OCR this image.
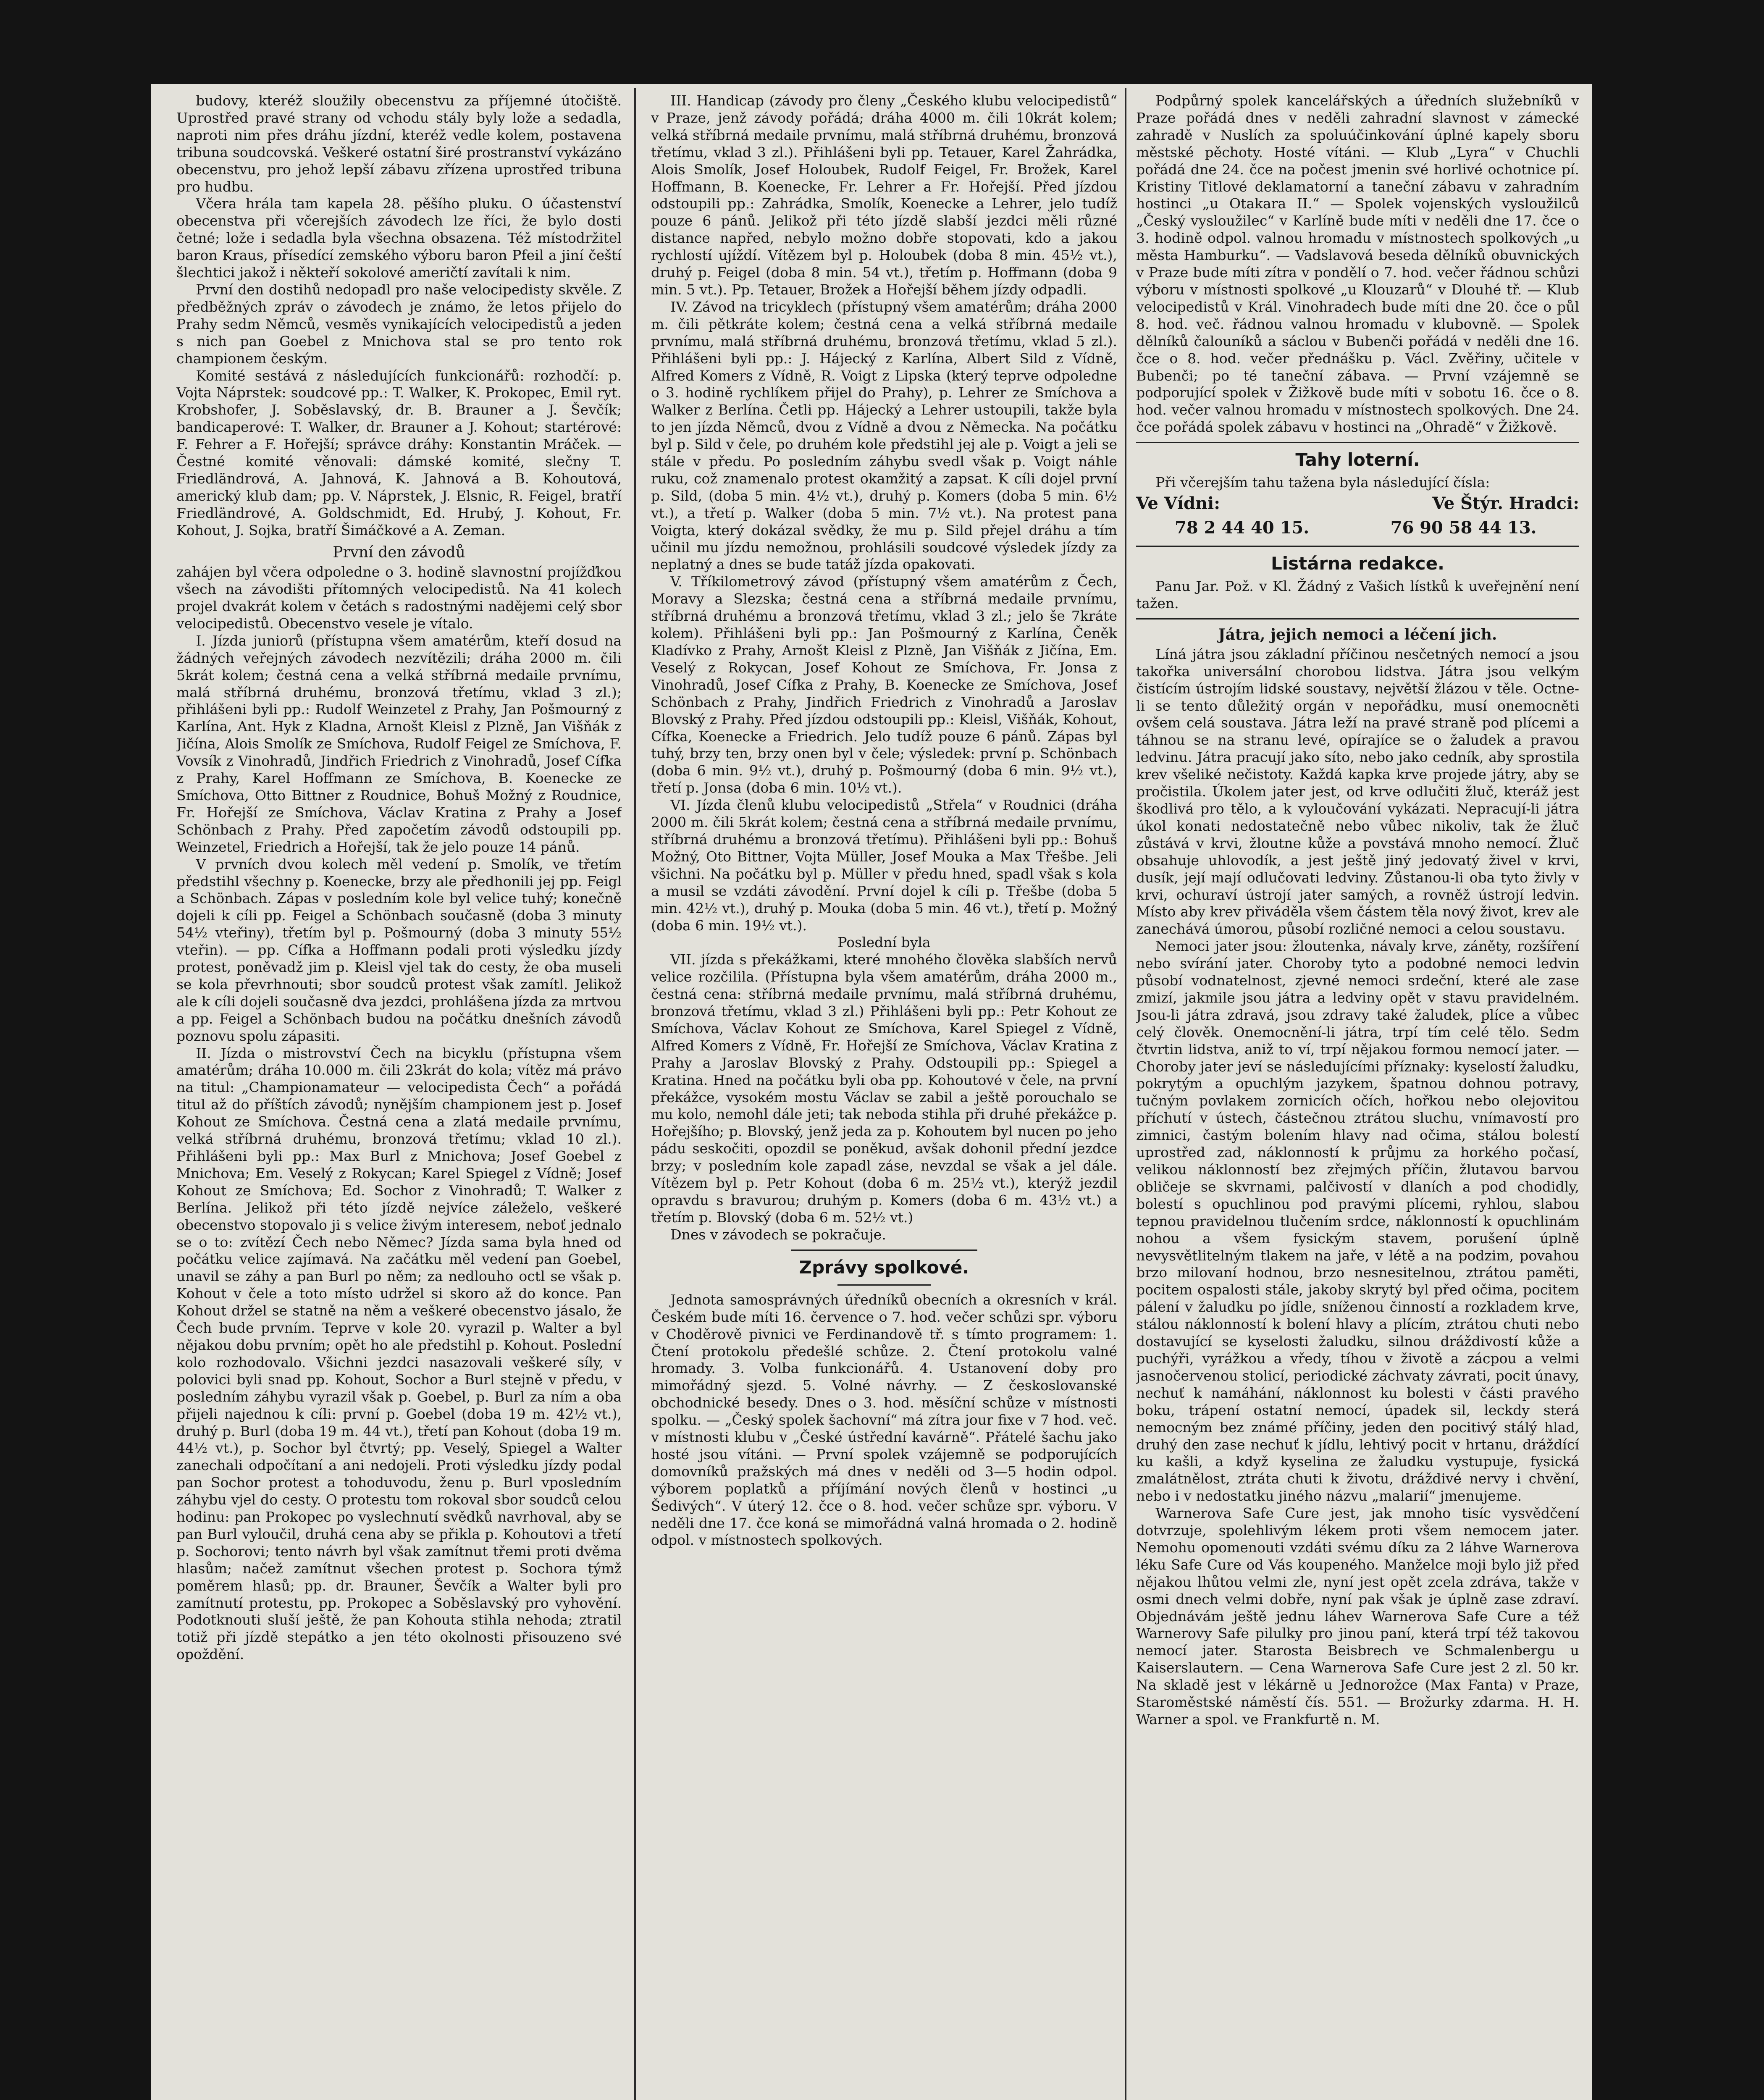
budovy, kteréž sloužily obecenstvu za příjemné útočiště. Uprostřed pravé strany od vchodu stály byly lože a sedadla, naproti nim přes dráhu jízdní, kteréž vedle kolem, postavena tribuna soudcovská. Veškeré ostatní širé prostranství vykázáno obecenstvu, pro jehož lepší zábavu zřízena uprostřed tribuna pro hudbu.

Včera hrála tam kapela 28. pěšího pluku. O účastenství obecenstva při včerejších závodech lze říci, že bylo dosti četné; lože i sedadla byla všechna obsazena. Též místodržitel baron Kraus, přísedící zemského výboru baron Pfeil a jiní čeští šlechtici jakož i někteří sokolové američtí zavítali k nim.

První den dostihů nedopadl pro naše velocipedisty skvěle. Z předběžných zpráv o závodech je známo, že letos přijelo do Prahy sedm Němců, vesměs vynikajících velocipedistů a jeden s nich pan Goebel z Mnichova stal se pro tento rok championem českým.

Komité sestává z následujících funkcionářů: rozhodčí: p. Vojta Náprstek: soudcové pp.: T. Walker, K. Prokopec, Emil ryt. Krobshofer, J. Soběslavský, dr. B. Brauner a J. Ševčík; bandicaperové: T. Walker, dr. Brauner a J. Kohout; startérové: F. Fehrer a F. Hořejší; správce dráhy: Konstantin Mráček. — Čestné komité věnovali: dámské komité, slečny T. Friedländrová, A. Jahnová, K. Jahnová a B. Kohoutová, americký klub dam; pp. V. Náprstek, J. Elsnic, R. Feigel, bratří Friedländrové, A. Goldschmidt, Ed. Hrubý, J. Kohout, Fr. Kohout, J. Sojka, bratří Šimáčkové a A. Zeman.

První den závodů

zahájen byl včera odpoledne o 3. hodině slavnostní projížďkou všech na závodišti přítomných velocipedistů. Na 41 kolech projel dvakrát kolem v četách s radostnými nadějemi celý sbor velocipedistů. Obecenstvo vesele je vítalo.

I. Jízda juniorů (přístupna všem amatérům, kteří dosud na žádných veřejných závodech nezvítězili; dráha 2000 m. čili 5krát kolem; čestná cena a velká stříbrná medaile prvnímu, malá stříbrná druhému, bronzová třetímu, vklad 3 zl.); přihlášeni byli pp.: Rudolf Weinzetel z Prahy, Jan Pošmourný z Karlína, Ant. Hyk z Kladna, Arnošt Kleisl z Plzně, Jan Višňák z Jičína, Alois Smolík ze Smíchova, Rudolf Feigel ze Smíchova, F. Vovsík z Vinohradů, Jindřich Friedrich z Vinohradů, Josef Cífka z Prahy, Karel Hoffmann ze Smíchova, B. Koenecke ze Smíchova, Otto Bittner z Roudnice, Bohuš Možný z Roudnice, Fr. Hořejší ze Smíchova, Václav Kratina z Prahy a Josef Schönbach z Prahy. Před započetím závodů odstoupili pp. Weinzetel, Friedrich a Hořejší, tak že jelo pouze 14 pánů.

V prvních dvou kolech měl vedení p. Smolík, ve třetím předstihl všechny p. Koenecke, brzy ale předhonili jej pp. Feigl a Schönbach. Zápas v posledním kole byl velice tuhý; konečně dojeli k cíli pp. Feigel a Schönbach současně (doba 3 minuty 54½ vteřiny), třetím byl p. Pošmourný (doba 3 minuty 55½ vteřin). — pp. Cífka a Hoffmann podali proti výsledku jízdy protest, poněvadž jim p. Kleisl vjel tak do cesty, že oba museli se kola převrhnouti; sbor soudců protest však zamítl. Jelikož ale k cíli dojeli současně dva jezdci, prohlášena jízda za mrtvou a pp. Feigel a Schönbach budou na počátku dnešních závodů poznovu spolu zápasiti.

II. Jízda o mistrovství Čech na bicyklu (přístupna všem amatérům; dráha 10.000 m. čili 23krát do kola; vítěz má právo na titul: „Championamateur — velocipedista Čech“ a pořádá titul až do příštích závodů; nynějším championem jest p. Josef Kohout ze Smíchova. Čestná cena a zlatá medaile prvnímu, velká stříbrná druhému, bronzová třetímu; vklad 10 zl.). Přihlášeni byli pp.: Max Burl z Mnichova; Josef Goebel z Mnichova; Em. Veselý z Rokycan; Karel Spiegel z Vídně; Josef Kohout ze Smíchova; Ed. Sochor z Vinohradů; T. Walker z Berlína. Jelikož při této jízdě nejvíce záleželo, veškeré obecenstvo stopovalo ji s velice živým interesem, neboť jednalo se o to: zvítězí Čech nebo Němec? Jízda sama byla hned od počátku velice zajímavá. Na začátku měl vedení pan Goebel, unavil se záhy a pan Burl po něm; za nedlouho octl se však p. Kohout v čele a toto místo udržel si skoro až do konce. Pan Kohout držel se statně na něm a veškeré obecenstvo jásalo, že Čech bude prvním. Teprve v kole 20. vyrazil p. Walter a byl nějakou dobu prvním; opět ho ale předstihl p. Kohout. Poslední kolo rozhodovalo. Všichni jezdci nasazovali veškeré síly, v polovici byli snad pp. Kohout, Sochor a Burl stejně v předu, v posledním záhybu vyrazil však p. Goebel, p. Burl za ním a oba přijeli najednou k cíli: první p. Goebel (doba 19 m. 42½ vt.), druhý p. Burl (doba 19 m. 44 vt.), třetí pan Kohout (doba 19 m. 44½ vt.), p. Sochor byl čtvrtý; pp. Veselý, Spiegel a Walter zanechali odpočítaní a ani nedojeli. Proti výsledku jízdy podal pan Sochor protest a tohoduvodu, ženu p. Burl vposledním záhybu vjel do cesty. O protestu tom rokoval sbor soudců celou hodinu: pan Prokopec po vyslechnutí svědků navrhoval, aby se pan Burl vyloučil, druhá cena aby se přikla p. Kohoutovi a třetí p. Sochorovi; tento návrh byl však zamítnut třemi proti dvěma hlasům; načež zamítnut všechen protest p. Sochora týmž poměrem hlasů; pp. dr. Brauner, Ševčík a Walter byli pro zamítnutí protestu, pp. Prokopec a Soběslavský pro vyhovění. Podotknouti sluší ještě, že pan Kohouta stihla nehoda; ztratil totiž při jízdě stepátko a jen této okolnosti přisouzeno své opoždění.

III. Handicap (závody pro členy „Českého klubu velocipedistů“ v Praze, jenž závody pořádá; dráha 4000 m. čili 10krát kolem; velká stříbrná medaile prvnímu, malá stříbrná druhému, bronzová třetímu, vklad 3 zl.). Přihlášeni byli pp. Tetauer, Karel Žahrádka, Alois Smolík, Josef Holoubek, Rudolf Feigel, Fr. Brožek, Karel Hoffmann, B. Koenecke, Fr. Lehrer a Fr. Hořejší. Před jízdou odstoupili pp.: Zahrádka, Smolík, Koenecke a Lehrer, jelo tudíž pouze 6 pánů. Jelikož při této jízdě slabší jezdci měli různé distance napřed, nebylo možno dobře stopovati, kdo a jakou rychlostí ujíždí. Vítězem byl p. Holoubek (doba 8 min. 45½ vt.), druhý p. Feigel (doba 8 min. 54 vt.), třetím p. Hoffmann (doba 9 min. 5 vt.). Pp. Tetauer, Brožek a Hořejší během jízdy odpadli.

IV. Závod na tricyklech (přístupný všem amatérům; dráha 2000 m. čili pětkráte kolem; čestná cena a velká stříbrná medaile prvnímu, malá stříbrná druhému, bronzová třetímu, vklad 5 zl.). Přihlášeni byli pp.: J. Hájecký z Karlína, Albert Sild z Vídně, Alfred Komers z Vídně, R. Voigt z Lipska (který teprve odpoledne o 3. hodině rychlíkem přijel do Prahy), p. Lehrer ze Smíchova a Walker z Berlína. Četli pp. Hájecký a Lehrer ustoupili, takže byla to jen jízda Němců, dvou z Vídně a dvou z Německa. Na počátku byl p. Sild v čele, po druhém kole předstihl jej ale p. Voigt a jeli se stále v předu. Po posledním záhybu svedl však p. Voigt náhle ruku, což znamenalo protest okamžitý a zapsat. K cíli dojel první p. Sild, (doba 5 min. 4½ vt.), druhý p. Komers (doba 5 min. 6½ vt.), a třetí p. Walker (doba 5 min. 7½ vt.). Na protest pana Voigta, který dokázal svědky, že mu p. Sild přejel dráhu a tím učinil mu jízdu nemožnou, prohlásili soudcové výsledek jízdy za neplatný a dnes se bude tatáž jízda opakovati.

V. Tříkilometrový závod (přístupný všem amatérům z Čech, Moravy a Slezska; čestná cena a stříbrná medaile prvnímu, stříbrná druhému a bronzová třetímu, vklad 3 zl.; jelo še 7kráte kolem). Přihlášeni byli pp.: Jan Pošmourný z Karlína, Čeněk Kladívko z Prahy, Arnošt Kleisl z Plzně, Jan Višňák z Jičína, Em. Veselý z Rokycan, Josef Kohout ze Smíchova, Fr. Jonsa z Vinohradů, Josef Cífka z Prahy, B. Koenecke ze Smíchova, Josef Schönbach z Prahy, Jindřich Friedrich z Vinohradů a Jaroslav Blovský z Prahy. Před jízdou odstoupili pp.: Kleisl, Višňák, Kohout, Cífka, Koenecke a Friedrich. Jelo tudíž pouze 6 pánů. Zápas byl tuhý, brzy ten, brzy onen byl v čele; výsledek: první p. Schönbach (doba 6 min. 9½ vt.), druhý p. Pošmourný (doba 6 min. 9½ vt.), třetí p. Jonsa (doba 6 min. 10½ vt.).

VI. Jízda členů klubu velocipedistů „Střela“ v Roudnici (dráha 2000 m. čili 5krát kolem; čestná cena a stříbrná medaile prvnímu, stříbrná druhému a bronzová třetímu). Přihlášeni byli pp.: Bohuš Možný, Oto Bittner, Vojta Müller, Josef Mouka a Max Třešbe. Jeli všichni. Na počátku byl p. Müller v předu hned, spadl však s kola a musil se vzdáti závodění. První dojel k cíli p. Třešbe (doba 5 min. 42½ vt.), druhý p. Mouka (doba 5 min. 46 vt.), třetí p. Možný (doba 6 min. 19½ vt.).

Poslední byla

VII. jízda s překážkami, které mnohého člověka slabších nervů velice rozčilila. (Přístupna byla všem amatérům, dráha 2000 m., čestná cena: stříbrná medaile prvnímu, malá stříbrná druhému, bronzová třetímu, vklad 3 zl.) Přihlášeni byli pp.: Petr Kohout ze Smíchova, Václav Kohout ze Smíchova, Karel Spiegel z Vídně, Alfred Komers z Vídně, Fr. Hořejší ze Smíchova, Václav Kratina z Prahy a Jaroslav Blovský z Prahy. Odstoupili pp.: Spiegel a Kratina. Hned na počátku byli oba pp. Kohoutové v čele, na první překážce, vysokém mostu Václav se zabil a ještě porouchalo se mu kolo, nemohl dále jeti; tak neboda stihla při druhé překážce p. Hořejšího; p. Blovský, jenž jeda za p. Kohoutem byl nucen po jeho pádu seskočiti, opozdil se poněkud, avšak dohonil přední jezdce brzy; v posledním kole zapadl záse, nevzdal se však a jel dále. Vítězem byl p. Petr Kohout (doba 6 m. 25½ vt.), kterýž jezdil opravdu s bravurou; druhým p. Komers (doba 6 m. 43½ vt.) a třetím p. Blovský (doba 6 m. 52½ vt.)

Dnes v závodech se pokračuje.

Zprávy spolkové.

Jednota samosprávných úředníků obecních a okresních v král. Českém bude míti 16. července o 7. hod. večer schůzi spr. výboru v Choděrově pivnici ve Ferdinandově tř. s tímto programem: 1. Čtení protokolu předešlé schůze. 2. Čtení protokolu valné hromady. 3. Volba funkcionářů. 4. Ustanovení doby pro mimořádný sjezd. 5. Volné návrhy. — Z českoslovanské obchodnické besedy. Dnes o 3. hod. měsíční schůze v místnosti spolku. — „Český spolek šachovní“ má zítra jour fixe v 7 hod. več. v místnosti klubu v „České ústřední kavárně“. Přátelé šachu jako hosté jsou vítáni. — První spolek vzájemně se podporujících domovníků pražských má dnes v neděli od 3—5 hodin odpol. výborem poplatků a příjímání nových členů v hostinci „u Šedivých“. V úterý 12. čce o 8. hod. večer schůze spr. výboru. V neděli dne 17. čce koná se mimořádná valná hromada o 2. hodině odpol. v místnostech spolkových.

Podpůrný spolek kancelářských a úředních služebníků v Praze pořádá dnes v neděli zahradní slavnost v zámecké zahradě v Nuslích za spoluúčinkování úplné kapely sboru městské pěchoty. Hosté vítáni. — Klub „Lyra“ v Chuchli pořádá dne 24. čce na počest jmenin své horlivé ochotnice pí. Kristiny Titlové deklamatorní a taneční zábavu v zahradním hostinci „u Otakara II.“ — Spolek vojenských vysloužilců „Český vysloužilec“ v Karlíně bude míti v neděli dne 17. čce o 3. hodině odpol. valnou hromadu v místnostech spolkových „u města Hamburku“. — Vadslavová beseda dělníků obuvnických v Praze bude míti zítra v pondělí o 7. hod. večer řádnou schůzi výboru v místnosti spolkové „u Klouzarů“ v Dlouhé tř. — Klub velocipedistů v Král. Vinohradech bude míti dne 20. čce o půl 8. hod. več. řádnou valnou hromadu v klubovně. — Spolek dělníků čalouníků a sáclou v Bubenči pořádá v neděli dne 16. čce o 8. hod. večer přednášku p. Václ. Zvěřiny, učitele v Bubenči; po té taneční zábava. — První vzájemně se podporující spolek v Žižkově bude míti v sobotu 16. čce o 8. hod. večer valnou hromadu v místnostech spolkových. Dne 24. čce pořádá spolek zábavu v hostinci na „Ohradě“ v Žižkově.

Tahy loterní.

Při včerejším tahu tažena byla následující čísla:

Ve Vídni:	Ve Štýr. Hradci:
78 2 44 40 15.	76 90 58 44 13.
Listárna redakce.

Panu Jar. Pož. v Kl. Žádný z Vašich lístků k uveřejnění není tažen.

Játra, jejich nemoci a léčení jich.

Líná játra jsou základní příčinou nesčetných nemocí a jsou takořka universální chorobou lidstva. Játra jsou velkým čistícím ústrojím lidské soustavy, největší žlázou v těle. Octne-li se tento důležitý orgán v nepořádku, musí onemocněti ovšem celá soustava. Játra leží na pravé straně pod plícemi a táhnou se na stranu levé, opírajíce se o žaludek a pravou ledvinu. Játra pracují jako síto, nebo jako cedník, aby sprostila krev všeliké nečistoty. Každá kapka krve projede játry, aby se pročistila. Úkolem jater jest, od krve odlučiti žluč, kteráž jest škodlivá pro tělo, a k vyloučování vykázati. Nepracují-li játra úkol konati nedostatečně nebo vůbec nikoliv, tak že žluč zůstává v krvi, žloutne kůže a povstává mnoho nemocí. Žluč obsahuje uhlovodík, a jest ještě jiný jedovatý živel v krvi, dusík, její mají odlučovati ledviny. Zůstanou-li oba tyto živly v krvi, ochuraví ústrojí jater samých, a rovněž ústrojí ledvin. Místo aby krev přiváděla všem částem těla nový život, krev ale zanechává úmorou, působí rozličné nemoci a celou soustavu.

Nemoci jater jsou: žloutenka, návaly krve, záněty, rozšíření nebo svírání jater. Choroby tyto a podobné nemoci ledvin působí vodnatelnost, zjevné nemoci srdeční, které ale zase zmizí, jakmile jsou játra a ledviny opět v stavu pravidelném. Jsou-li játra zdravá, jsou zdravy také žaludek, plíce a vůbec celý člověk. Onemocnění-li játra, trpí tím celé tělo. Sedm čtvrtin lidstva, aniž to ví, trpí nějakou formou nemocí jater. — Choroby jater jeví se následujícími příznaky: kyselostí žaludku, pokrytým a opuchlým jazykem, špatnou dohnou potravy, tučným povlakem zornicích očích, hořkou nebo olejovitou příchutí v ústech, částečnou ztrátou sluchu, vnímavostí pro zimnici, častým bolením hlavy nad očima, stálou bolestí uprostřed zad, náklonností k průjmu za horkého počasí, velikou náklonností bez zřejmých příčin, žlutavou barvou obličeje se skvrnami, palčivostí v dlaních a pod chodidly, bolestí s opuchlinou pod pravými plícemi, ryhlou, slabou tepnou pravidelnou tlučením srdce, náklonností k opuchlinám nohou a všem fysickým stavem, porušení úplně nevysvětlitelným tlakem na jaře, v létě a na podzim, povahou brzo milovaní hodnou, brzo nesnesitelnou, ztrátou paměti, pocitem ospalosti stále, jakoby skrytý byl před očima, pocitem pálení v žaludku po jídle, sníženou činností a rozkladem krve, stálou náklonností k bolení hlavy a plícím, ztrátou chuti nebo dostavující se kyselosti žaludku, silnou dráždivostí kůže a puchýři, vyrážkou a vředy, tíhou v životě a zácpou a velmi jasnočervenou stolicí, periodické záchvaty závrati, pocit únavy, nechuť k namáhání, náklonnost ku bolesti v části pravého boku, trápení ostatní nemocí, úpadek sil, leckdy sterá nemocným bez známé příčiny, jeden den pocitivý stálý hlad, druhý den zase nechuť k jídlu, lehtivý pocit v hrtanu, dráždící ku kašli, a když kyselina ze žaludku vystupuje, fysická zmalátnělost, ztráta chuti k životu, dráždivé nervy i chvění, nebo i v nedostatku jiného názvu „malarií“ jmenujeme.

Warnerova Safe Cure jest, jak mnoho tisíc vysvědčení dotvrzuje, spolehlivým lékem proti všem nemocem jater. Nemohu opomenouti vzdáti svému díku za 2 láhve Warnerova léku Safe Cure od Vás koupeného. Manželce moji bylo již před nějakou lhůtou velmi zle, nyní jest opět zcela zdráva, takže v osmi dnech velmi dobře, nyní pak však je úplně zase zdraví. Objednávám ještě jednu láhev Warnerova Safe Cure a též Warnerovy Safe pilulky pro jinou paní, která trpí též takovou nemocí jater. Starosta Beisbrech ve Schmalenbergu u Kaiserslautern. — Cena Warnerova Safe Cure jest 2 zl. 50 kr. Na skladě jest v lékárně u Jednorožce (Max Fanta) v Praze, Staroměstské náměstí čís. 551. — Brožurky zdarma. H. H. Warner a spol. ve Frankfurtě n. M.
